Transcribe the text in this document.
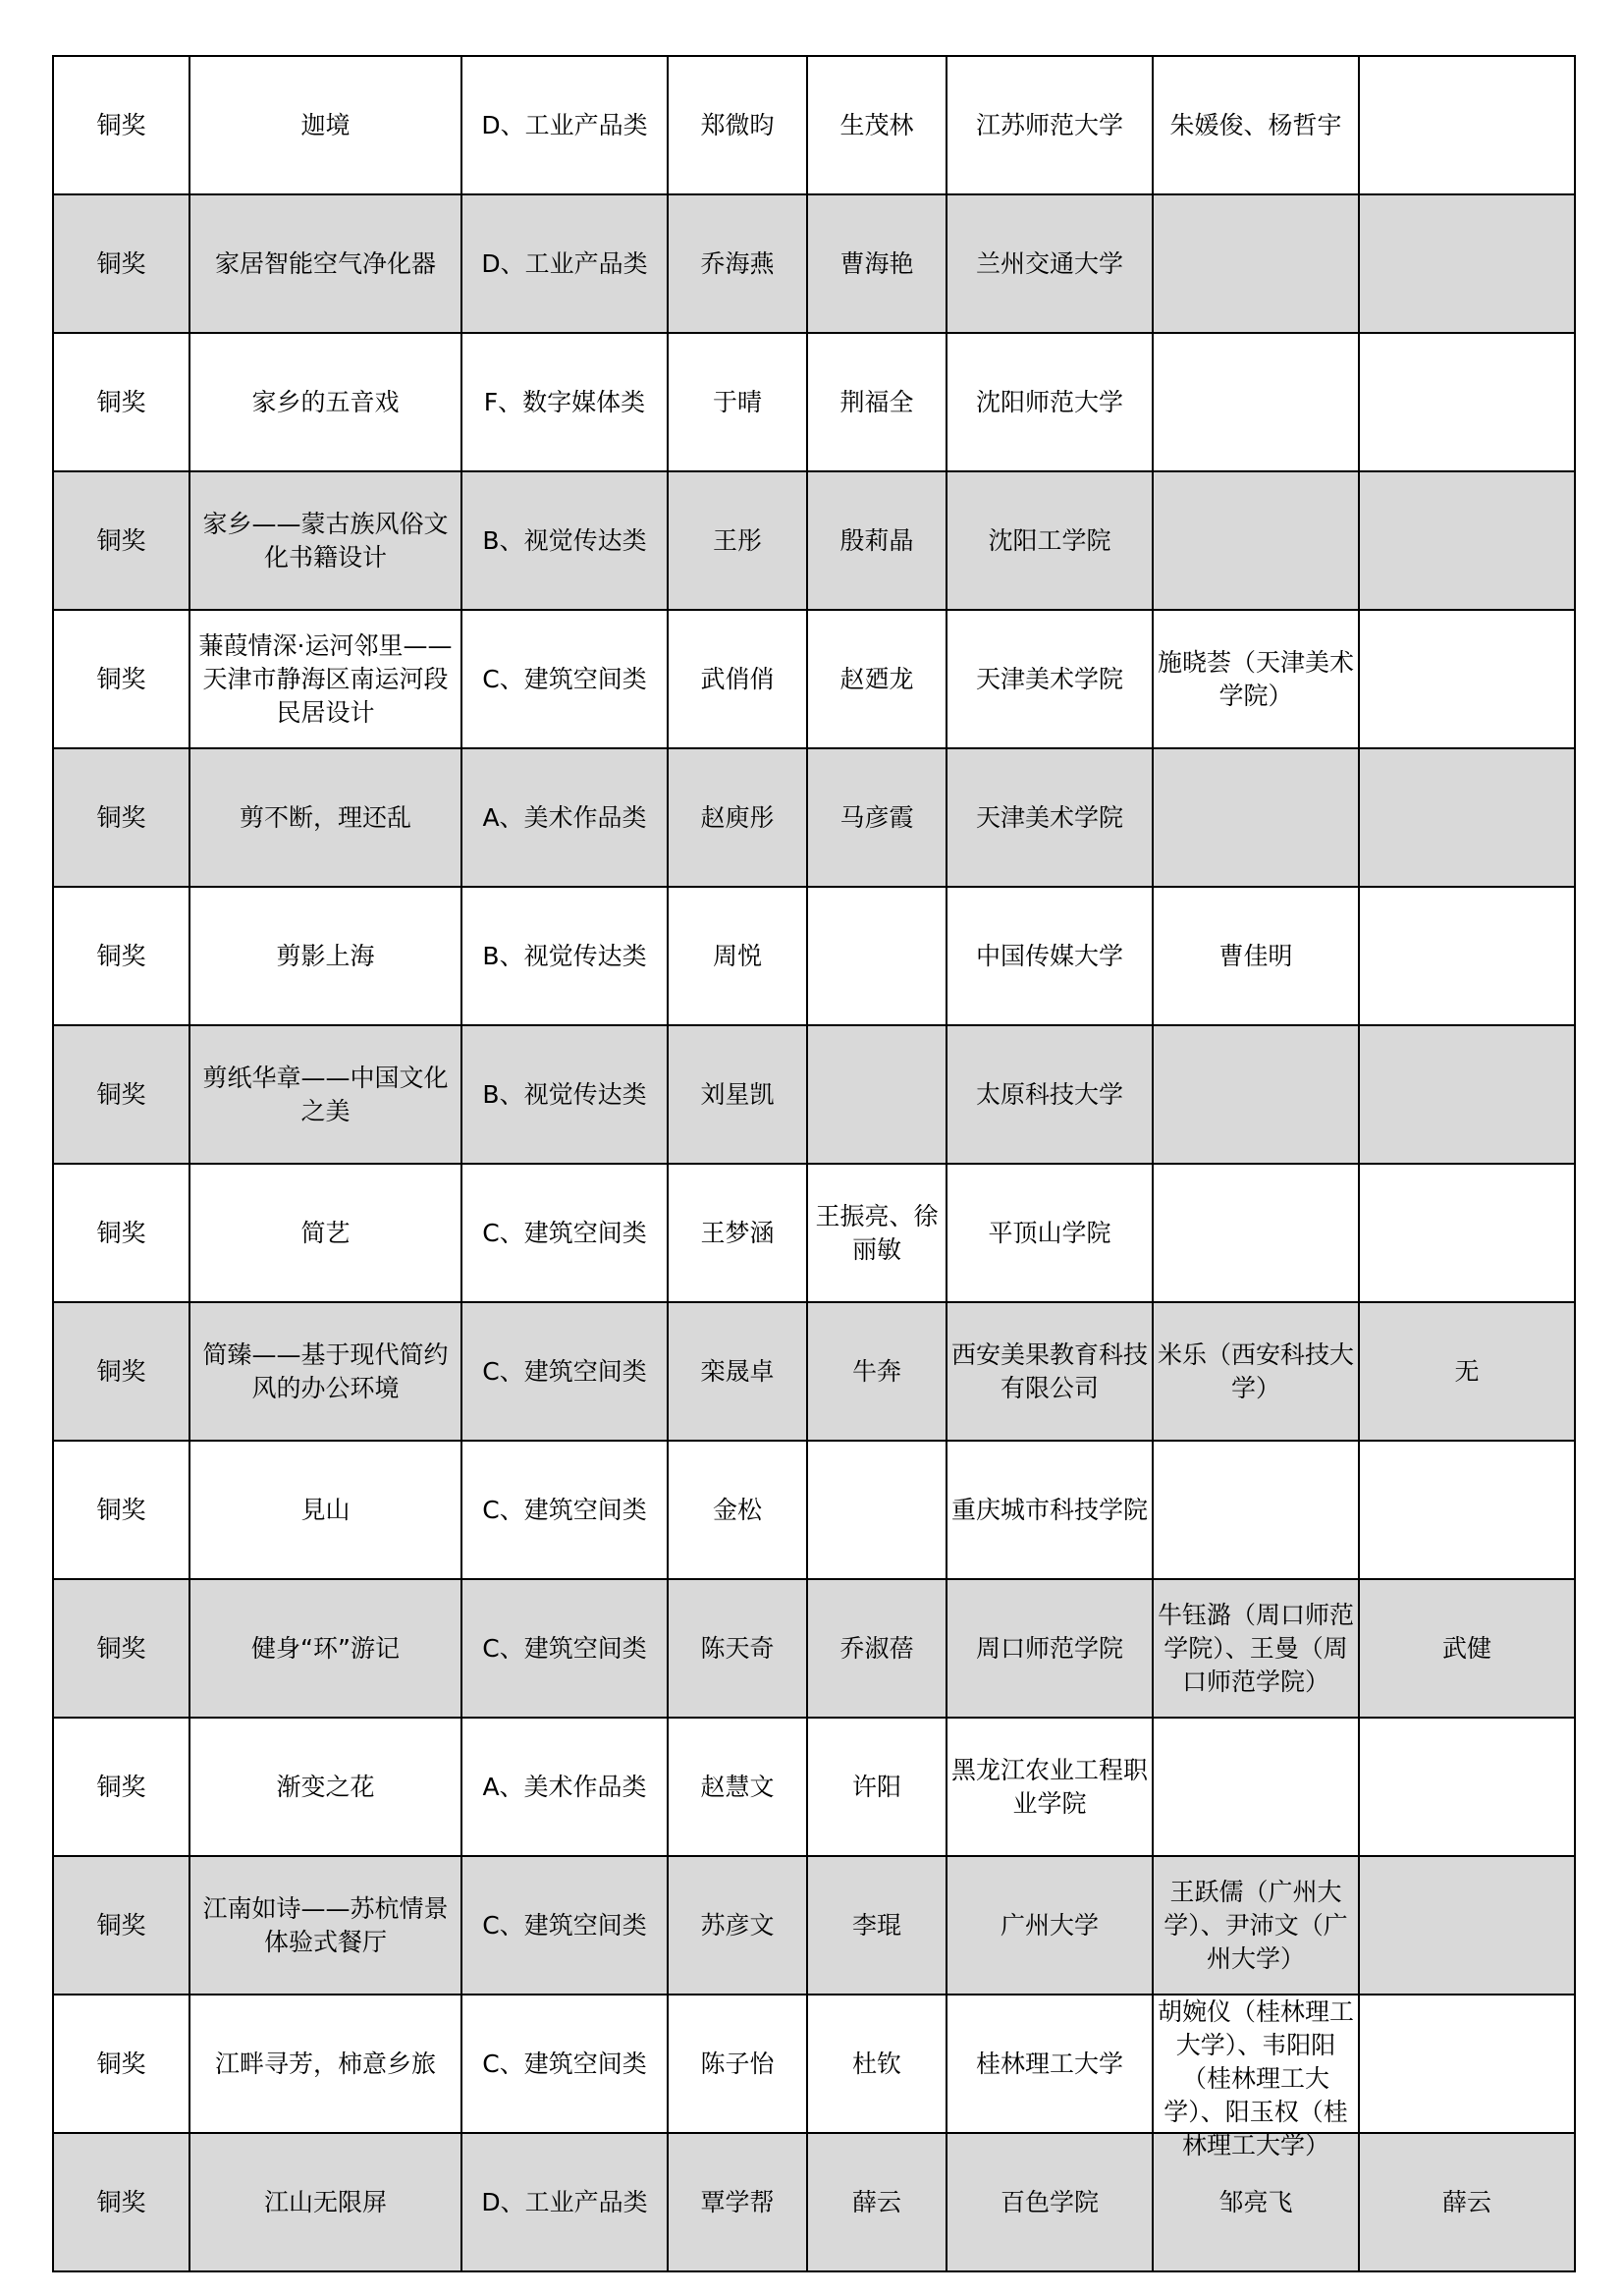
铜奖	迦境	D、工业产品类	郑微昀	生茂林	江苏师范大学	朱媛俊、杨哲宇	

铜奖	家居智能空气净化器	D、工业产品类	乔海燕	曹海艳	兰州交通大学		

铜奖	家乡的五音戏	F、数字媒体类	于晴	荆福全	沈阳师范大学		

铜奖	家乡——蒙古族风俗文化书籍设计	B、视觉传达类	王彤	殷莉晶	沈阳工学院		

铜奖	蒹葭情深·运河邻里——天津市静海区南运河段民居设计	C、建筑空间类	武俏俏	赵廼龙	天津美术学院	施晓荟（天津美术学院）	

铜奖	剪不断，理还乱	A、美术作品类	赵庾彤	马彦霞	天津美术学院		

铜奖	剪影上海	B、视觉传达类	周悦		中国传媒大学	曹佳明	

铜奖	剪纸华章——中国文化之美	B、视觉传达类	刘星凯		太原科技大学		

铜奖	简艺	C、建筑空间类	王梦涵	王振亮、徐丽敏	平顶山学院		

铜奖	简臻——基于现代简约风的办公环境	C、建筑空间类	栾晟卓	牛奔	西安美果教育科技有限公司	米乐（西安科技大学）	无

铜奖	見山	C、建筑空间类	金松		重庆城市科技学院		

铜奖	健身“环”游记	C、建筑空间类	陈天奇	乔淑蓓	周口师范学院	牛钰潞（周口师范学院）、王曼（周口师范学院）	武健

铜奖	渐变之花	A、美术作品类	赵慧文	许阳	黑龙江农业工程职业学院		

铜奖	江南如诗——苏杭情景体验式餐厅	C、建筑空间类	苏彦文	李琨	广州大学	王跃儒（广州大学）、尹沛文（广州大学）	

铜奖	江畔寻芳，柿意乡旅	C、建筑空间类	陈子怡	杜钦	桂林理工大学	胡婉仪（桂林理工大学）、韦阳阳（桂林理工大学）、阳玉权（桂林理工大学）	

铜奖	江山无限屏	D、工业产品类	覃学帮	薛云	百色学院	邹亮飞	薛云
